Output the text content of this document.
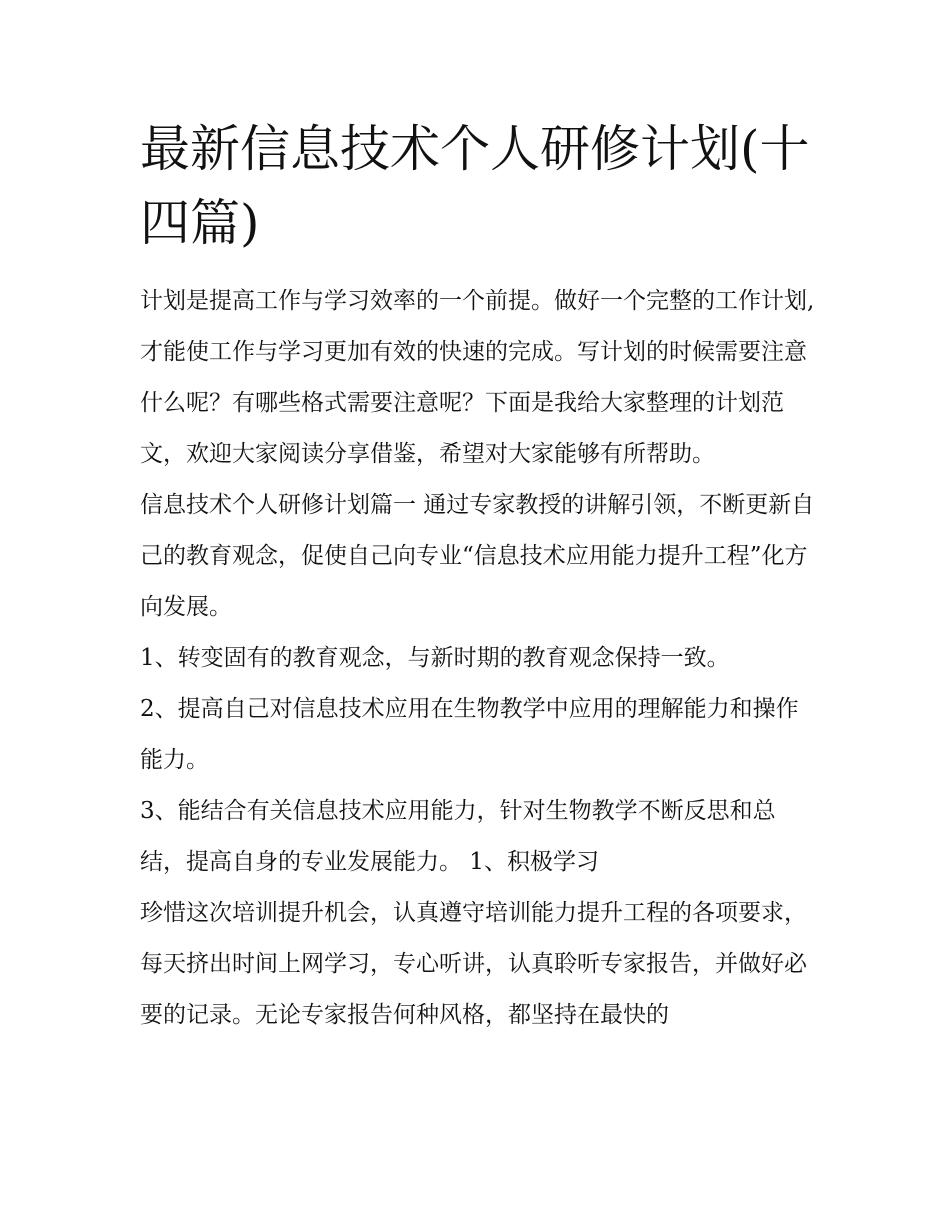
最新信息技术个人研修计划(十四篇)

计划是提高工作与学习效率的一个前提。做好一个完整的工作计划,才能使工作与学习更加有效的快速的完成。写计划的时候需要注意什么呢？有哪些格式需要注意呢？下面是我给大家整理的计划范文，欢迎大家阅读分享借鉴，希望对大家能够有所帮助。

信息技术个人研修计划篇一 通过专家教授的讲解引领，不断更新自己的教育观念，促使自己向专业“信息技术应用能力提升工程”化方向发展。

1、转变固有的教育观念，与新时期的教育观念保持一致。

2、提高自己对信息技术应用在生物教学中应用的理解能力和操作能力。

3、能结合有关信息技术应用能力，针对生物教学不断反思和总结，提高自身的专业发展能力。 1、积极学习

珍惜这次培训提升机会，认真遵守培训能力提升工程的各项要求，每天挤出时间上网学习，专心听讲，认真聆听专家报告，并做好必要的记录。无论专家报告何种风格，都坚持在最快的
